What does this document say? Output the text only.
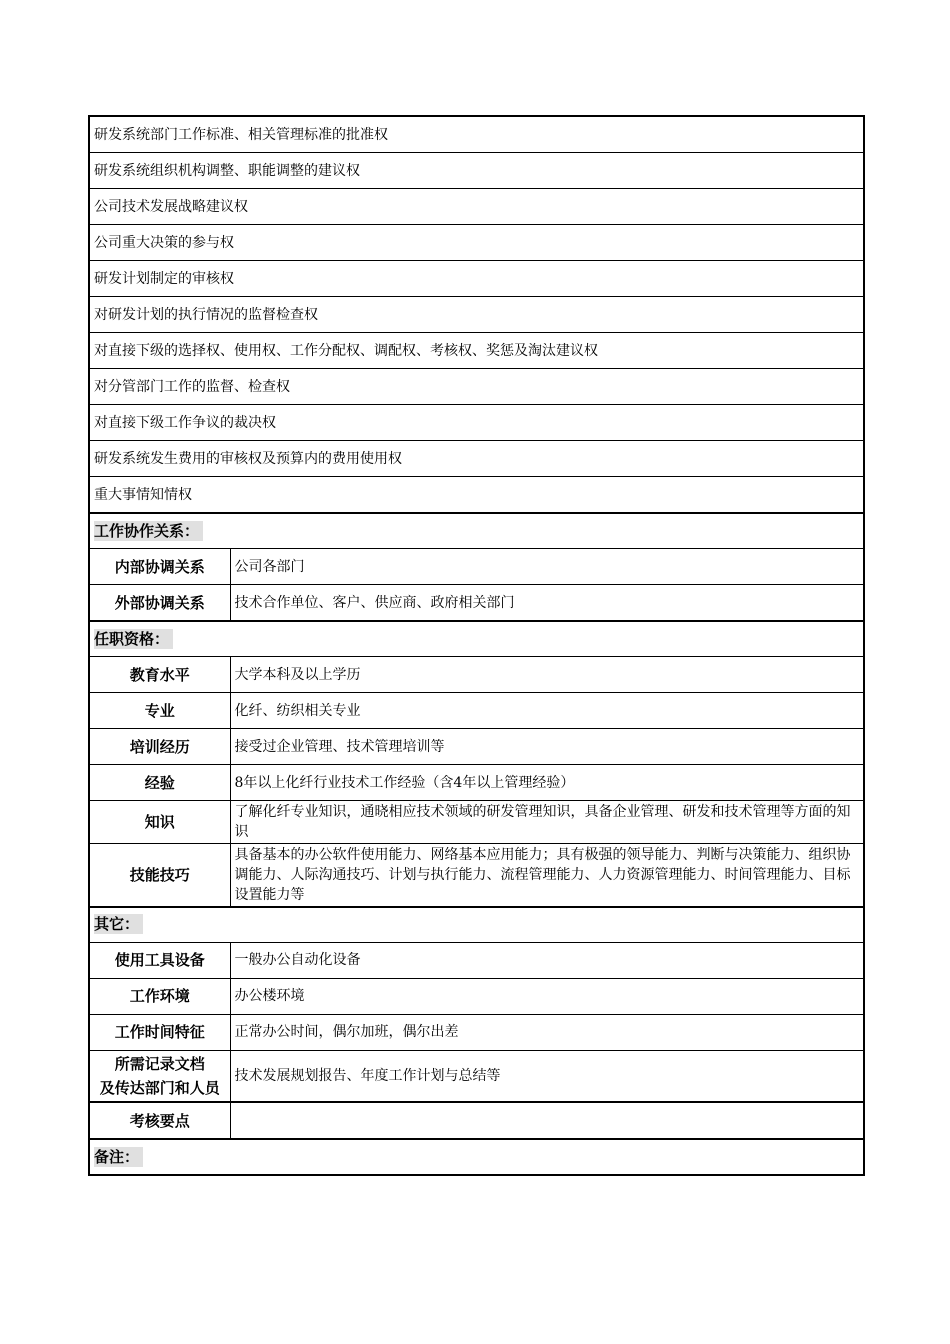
研发系统部门工作标准、相关管理标准的批准权	
研发系统组织机构调整、职能调整的建议权	
公司技术发展战略建议权	
公司重大决策的参与权	
研发计划制定的审核权	
对研发计划的执行情况的监督检查权	
对直接下级的选择权、使用权、工作分配权、调配权、考核权、奖惩及淘汰建议权	
对分管部门工作的监督、检查权	
对直接下级工作争议的裁决权	
研发系统发生费用的审核权及预算内的费用使用权	
重大事情知情权	
工作协作关系：	
内部协调关系	公司各部门
外部协调关系	技术合作单位、客户、供应商、政府相关部门
任职资格：	
教育水平	大学本科及以上学历
专业	化纤、纺织相关专业
培训经历	接受过企业管理、技术管理培训等
经验	8年以上化纤行业技术工作经验（含4年以上管理经验）
知识	了解化纤专业知识，通晓相应技术领域的研发管理知识，具备企业管理、研发和技术管理等方面的知识
技能技巧	具备基本的办公软件使用能力、网络基本应用能力；具有极强的领导能力、判断与决策能力、组织协调能力、人际沟通技巧、计划与执行能力、流程管理能力、人力资源管理能力、时间管理能力、目标设置能力等
其它：	
使用工具设备	一般办公自动化设备
工作环境	办公楼环境
工作时间特征	正常办公时间，偶尔加班，偶尔出差

所需记录文档
及传达部门和人员	技术发展规划报告、年度工作计划与总结等
考核要点	
备注：	
